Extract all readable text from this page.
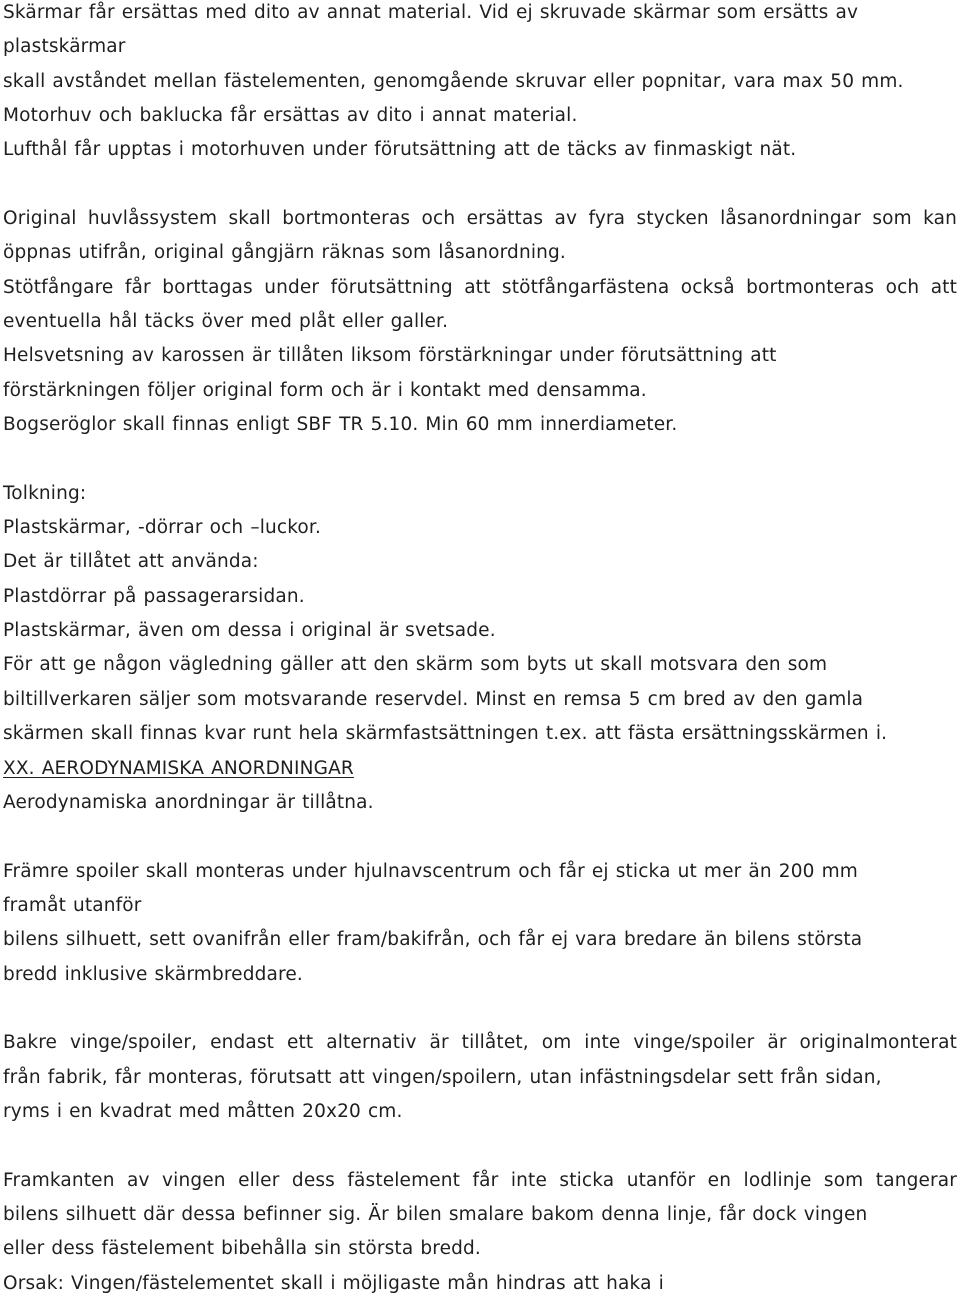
Skärmar får ersättas med dito av annat material. Vid ej skruvade skärmar som ersätts av
plastskärmar
skall avståndet mellan fästelementen, genomgående skruvar eller popnitar, vara max 50 mm.
Motorhuv och baklucka får ersättas av dito i annat material.
Lufthål får upptas i motorhuven under förutsättning att de täcks av finmaskigt nät.
Original huvlåssystem skall bortmonteras och ersättas av fyra stycken låsanordningar som kan
öppnas utifrån, original gångjärn räknas som låsanordning.
Stötfångare får borttagas under förutsättning att stötfångarfästena också bortmonteras och att
eventuella hål täcks över med plåt eller galler.
Helsvetsning av karossen är tillåten liksom förstärkningar under förutsättning att
förstärkningen följer original form och är i kontakt med densamma.
Bogseröglor skall finnas enligt SBF TR 5.10. Min 60 mm innerdiameter.
Tolkning:
Plastskärmar, -dörrar och –luckor.
Det är tillåtet att använda:
Plastdörrar på passagerarsidan.
Plastskärmar, även om dessa i original är svetsade.
För att ge någon vägledning gäller att den skärm som byts ut skall motsvara den som
biltillverkaren säljer som motsvarande reservdel. Minst en remsa 5 cm bred av den gamla
skärmen skall finnas kvar runt hela skärmfastsättningen t.ex. att fästa ersättningsskärmen i.
XX. AERODYNAMISKA ANORDNINGAR
Aerodynamiska anordningar är tillåtna.
Främre spoiler skall monteras under hjulnavscentrum och får ej sticka ut mer än 200 mm
framåt utanför
bilens silhuett, sett ovanifrån eller fram/bakifrån, och får ej vara bredare än bilens största
bredd inklusive skärmbreddare.
Bakre vinge/spoiler, endast ett alternativ är tillåtet, om inte vinge/spoiler är originalmonterat
från fabrik, får monteras, förutsatt att vingen/spoilern, utan infästningsdelar sett från sidan,
ryms i en kvadrat med måtten 20x20 cm.
Framkanten av vingen eller dess fästelement får inte sticka utanför en lodlinje som tangerar
bilens silhuett där dessa befinner sig. Är bilen smalare bakom denna linje, får dock vingen
eller dess fästelement bibehålla sin största bredd.
Orsak: Vingen/fästelementet skall i möjligaste mån hindras att haka i
